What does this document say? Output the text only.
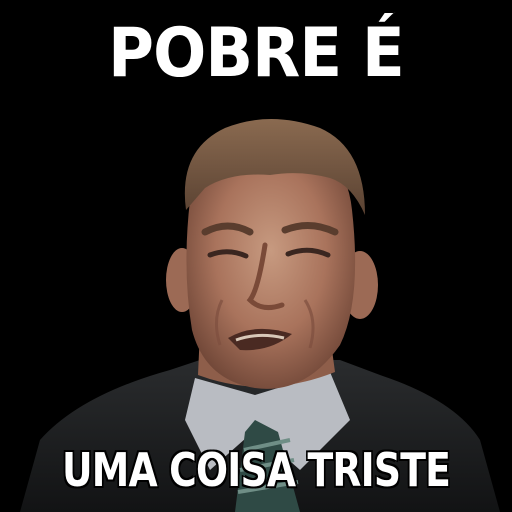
POBRE É
UMA COISA TRISTE
